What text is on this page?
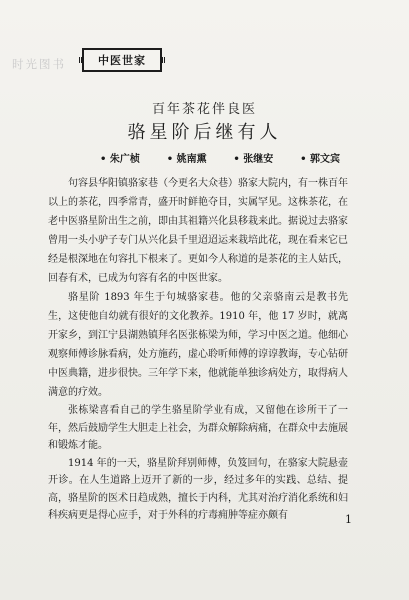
时光图书	中医世家
百年茶花伴良医
骆星阶后继有人
• 朱广桢	• 姚南熏	• 张继安	• 郭文宾

句容县华阳镇骆家巷（今更名大众巷）骆家大院内，有一株百年以上的茶花，四季常青，盛开时鲜艳夺目，实属罕见。这株茶花，在老中医骆星阶出生之前，即由其祖籍兴化县移栽来此。据说过去骆家曾用一头小驴子专门从兴化县千里迢迢运来栽培此花，现在看来它已经是根深地在句容扎下根来了。更如今人称道的是茶花的主人姑氏，回春有术，已成为句容有名的中医世家。

骆星阶 1893 年生于句城骆家巷。他的父亲骆南云是教书先生，这使他自幼就有很好的文化教养。1910 年，他 17 岁时，就离开家乡，到江宁县湖熟镇拜名医张栋梁为师，学习中医之道。他细心观察师傅诊脉看病，处方施药，虚心聆听师傅的谆谆教诲，专心钻研中医典籍，进步很快。三年学下来，他就能单独诊病处方，取得病人满意的疗效。

张栋梁喜看自己的学生骆星阶学业有成，又留他在诊所干了一年，然后鼓励学生大胆走上社会，为群众解除病痛，在群众中去施展和锻炼才能。

1914 年的一天，骆星阶拜别师傅，负笈回句，在骆家大院悬壶开诊。在人生道路上迈开了新的一步，经过多年的实践、总结、提高，骆星阶的医术日趋成熟，擅长于内科，尤其对治疗消化系统和妇科疾病更是得心应手，对于外科的疔毒痈肿等症亦颇有	1
